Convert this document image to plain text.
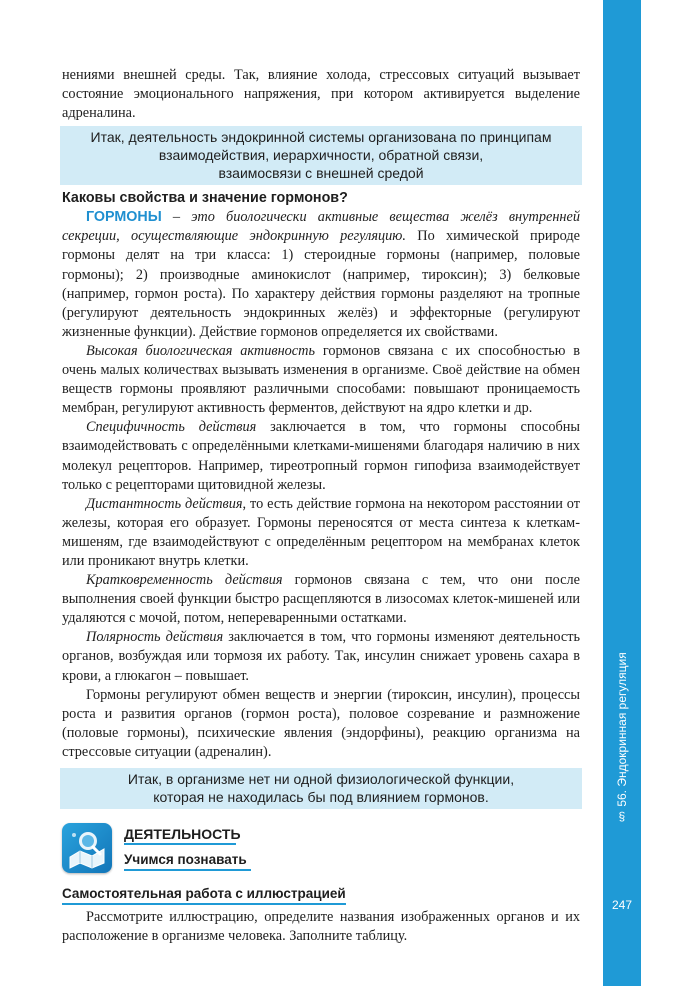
§ 56. Эндокринная регуляция
247

нениями внешней среды. Так, влияние холода, стрессовых ситуаций вызывает состояние эмоционального напряжения, при котором активируется выделение адреналина.

Итак, деятельность эндокринной системы организована по принципам
взаимодействия, иерархичности, обратной связи,
взаимосвязи с внешней средой
Каковы свойства и значение гормонов?

ГОРМОНЫ – это биологически активные вещества желёз внутренней секреции, осуществляющие эндокринную регуляцию. По химической природе гормоны делят на три класса: 1) стероидные гормоны (например, половые гормоны); 2) производные аминокислот (например, тироксин); 3) белковые (например, гормон роста). По характеру действия гормоны разделяют на тропные (регулируют деятельность эндокринных желёз) и эффекторные (регулируют жизненные функции). Действие гормонов определяется их свойствами.

Высокая биологическая активность гормонов связана с их способностью в очень малых количествах вызывать изменения в организме. Своё действие на обмен веществ гормоны проявляют различными способами: повышают проницаемость мембран, регулируют активность ферментов, действуют на ядро клетки и др.

Специфичность действия заключается в том, что гормоны способны взаимодействовать с определёнными клетками-мишенями благодаря наличию в них молекул рецепторов. Например, тиреотропный гормон гипофиза взаимодействует только с рецепторами щитовидной железы.

Дистантность действия, то есть действие гормона на некотором расстоянии от железы, которая его образует. Гормоны переносятся от места синтеза к клеткам-мишеням, где взаимодействуют с определённым рецептором на мембранах клеток или проникают внутрь клетки.

Кратковременность действия гормонов связана с тем, что они после выполнения своей функции быстро расщепляются в лизосомах клеток-мишеней или удаляются с мочой, потом, непереваренными остатками.

Полярность действия заключается в том, что гормоны изменяют деятельность органов, возбуждая или тормозя их работу. Так, инсулин снижает уровень сахара в крови, а глюкагон – повышает.

Гормоны регулируют обмен веществ и энергии (тироксин, инсулин), процессы роста и развития органов (гормон роста), половое созревание и размножение (половые гормоны), психические явления (эндорфины), реакцию организма на стрессовые ситуации (адреналин).

Итак, в организме нет ни одной физиологической функции,
которая не находилась бы под влиянием гормонов.
ДЕЯТЕЛЬНОСТЬ
Учимся познавать
Самостоятельная работа с иллюстрацией

Рассмотрите иллюстрацию, определите названия изображенных органов и их расположение в организме человека. Заполните таблицу.
